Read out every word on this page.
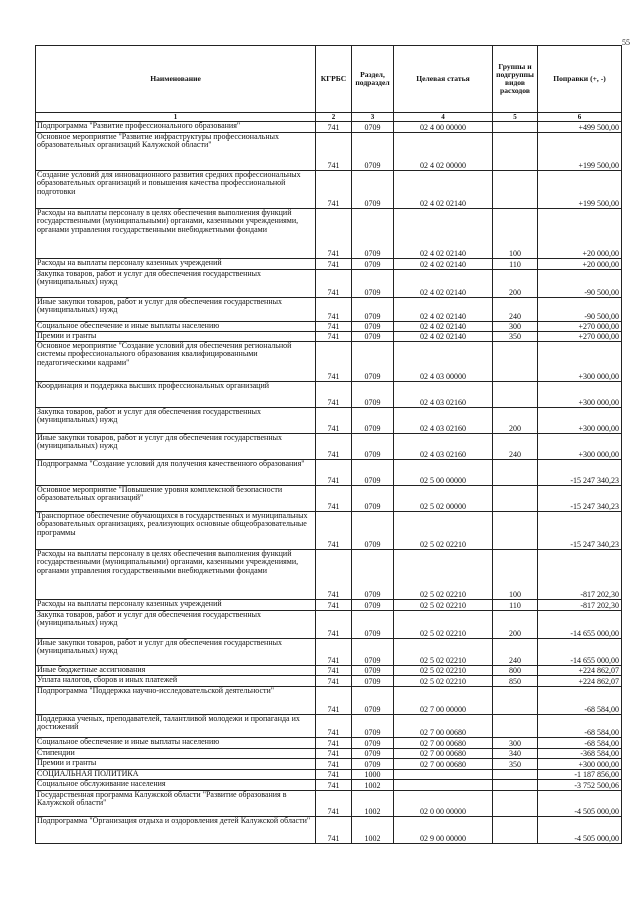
55
Наименование	КГРБС	Раздел, подраздел	Целевая статья	Группы и подгруппы видов расходов	Поправки (+, -)
1	2	3	4	5	6
Подпрограмма "Развитие профессионального образования"	741	0709	02 4 00 00000		+499 500,00
Основное мероприятие "Развитие инфраструктуры профессиональных образовательных организаций Калужской области"	741	0709	02 4 02 00000		+199 500,00
Создание условий для инновационного развития средних профессиональных образовательных организаций и повышения качества профессиональной подготовки	741	0709	02 4 02 02140		+199 500,00
Расходы на выплаты персоналу в целях обеспечения выполнения функций государственными (муниципальными) органами, казенными учреждениями, органами управления государственными внебюджетными фондами	741	0709	02 4 02 02140	100	+20 000,00
Расходы на выплаты персоналу казенных учреждений	741	0709	02 4 02 02140	110	+20 000,00
Закупка товаров, работ и услуг для обеспечения государственных (муниципальных) нужд	741	0709	02 4 02 02140	200	-90 500,00
Иные закупки товаров, работ и услуг для обеспечения государственных (муниципальных) нужд	741	0709	02 4 02 02140	240	-90 500,00
Социальное обеспечение и иные выплаты населению	741	0709	02 4 02 02140	300	+270 000,00
Премии и гранты	741	0709	02 4 02 02140	350	+270 000,00
Основное мероприятие "Создание условий для обеспечения региональной системы профессионального образования квалифицированными педагогическими кадрами"	741	0709	02 4 03 00000		+300 000,00
Координация и поддержка высших профессиональных организаций	741	0709	02 4 03 02160		+300 000,00
Закупка товаров, работ и услуг для обеспечения государственных (муниципальных) нужд	741	0709	02 4 03 02160	200	+300 000,00
Иные закупки товаров, работ и услуг для обеспечения государственных (муниципальных) нужд	741	0709	02 4 03 02160	240	+300 000,00
Подпрограмма "Создание условий для получения качественного образования"	741	0709	02 5 00 00000		-15 247 340,23
Основное мероприятие "Повышение уровня комплексной безопасности образовательных организаций"	741	0709	02 5 02 00000		-15 247 340,23
Транспортное обеспечение обучающихся в государственных и муниципальных образовательных организациях, реализующих основные общеобразовательные программы	741	0709	02 5 02 02210		-15 247 340,23
Расходы на выплаты персоналу в целях обеспечения выполнения функций государственными (муниципальными) органами, казенными учреждениями, органами управления государственными внебюджетными фондами	741	0709	02 5 02 02210	100	-817 202,30
Расходы на выплаты персоналу казенных учреждений	741	0709	02 5 02 02210	110	-817 202,30
Закупка товаров, работ и услуг для обеспечения государственных (муниципальных) нужд	741	0709	02 5 02 02210	200	-14 655 000,00
Иные закупки товаров, работ и услуг для обеспечения государственных (муниципальных) нужд	741	0709	02 5 02 02210	240	-14 655 000,00
Иные бюджетные ассигнования	741	0709	02 5 02 02210	800	+224 862,07
Уплата налогов, сборов и иных платежей	741	0709	02 5 02 02210	850	+224 862,07
Подпрограмма "Поддержка научно-исследовательской деятельности"	741	0709	02 7 00 00000		-68 584,00
Поддержка ученых, преподавателей, талантливой молодежи и пропаганда их достижений	741	0709	02 7 00 00680		-68 584,00
Социальное обеспечение и иные выплаты населению	741	0709	02 7 00 00680	300	-68 584,00
Стипендии	741	0709	02 7 00 00680	340	-368 584,00
Премии и гранты	741	0709	02 7 00 00680	350	+300 000,00
СОЦИАЛЬНАЯ ПОЛИТИКА	741	1000			-1 187 856,00
Социальное обслуживание населения	741	1002			-3 752 500,06
Государственная программа Калужской области "Развитие образования в Калужской области"	741	1002	02 0 00 00000		-4 505 000,00
Подпрограмма "Организация отдыха и оздоровления детей Калужской области"	741	1002	02 9 00 00000		-4 505 000,00
